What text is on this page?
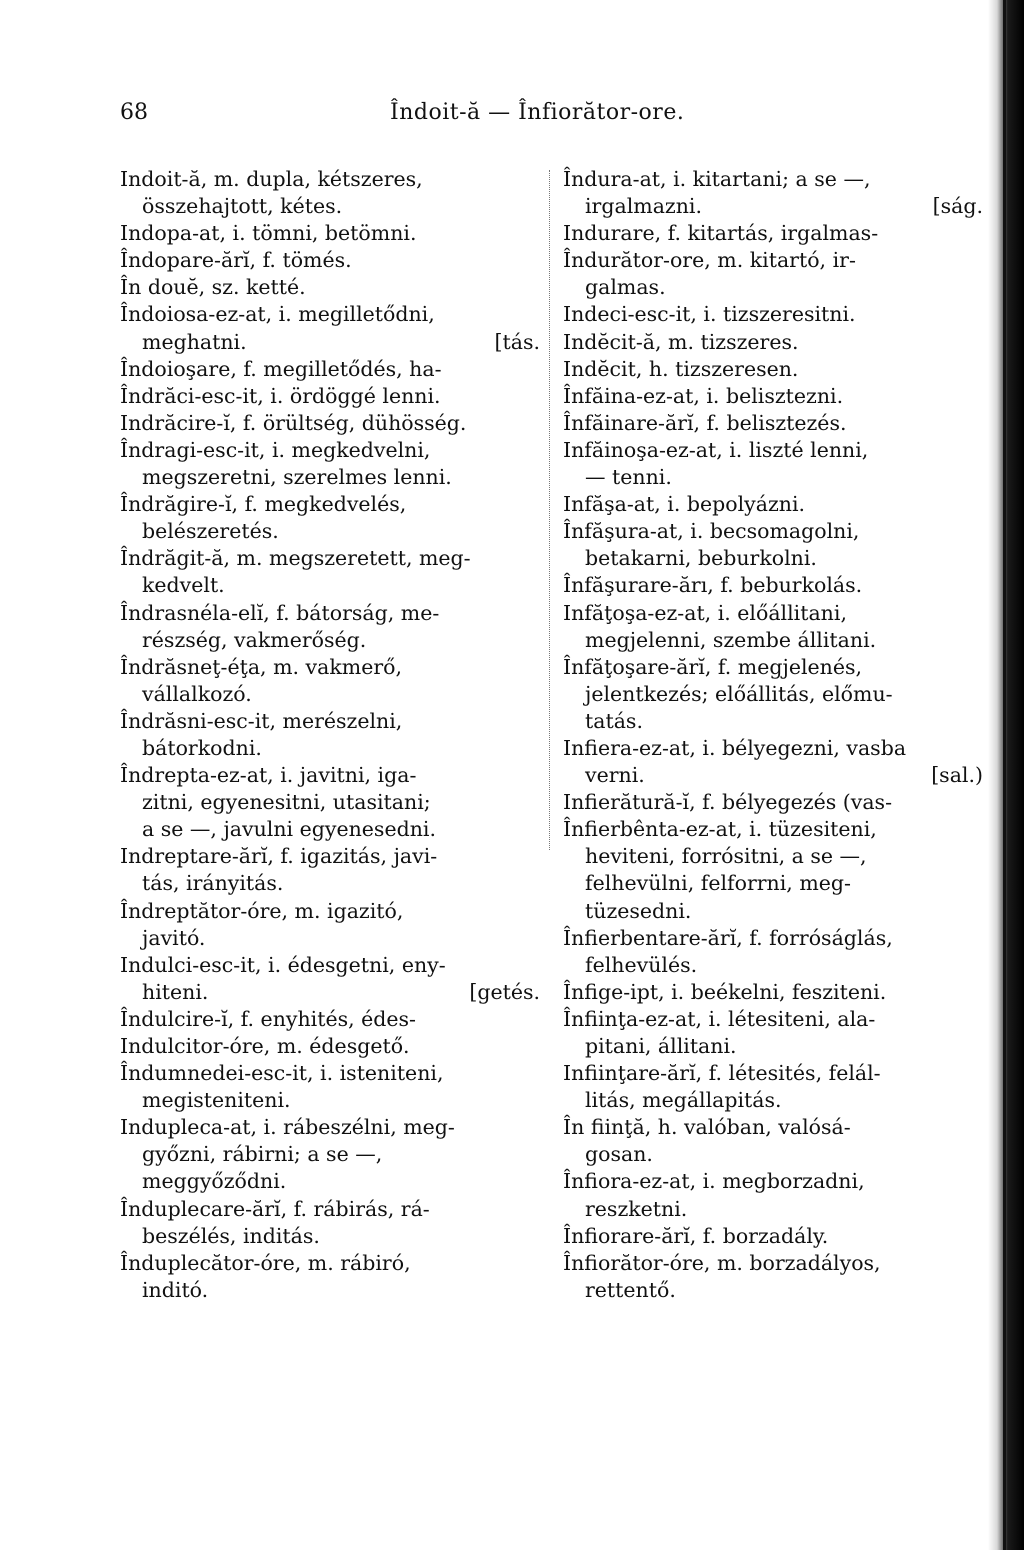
68	Îndoit-ă — Înfiorător-ore.
Indoit-ă, m. dupla, kétszeres,
összehajtott, kétes.
Indopa-at, i. tömni, betömni.
Îndopare-ărĭ, f. tömés.
În douĕ, sz. ketté.
Îndoiosa-ez-at, i. megilletődni,
meghatni.	[tás.
Îndoioşare, f. megilletődés, ha-
Îndrăci-esc-it, i. ördöggé lenni.
Indrăcire-ĭ, f. örültség, dühösség.
Îndragi-esc-it, i. megkedvelni,
megszeretni, szerelmes lenni.
Îndrăgire-ĭ, f. megkedvelés,
belészeretés.
Îndrăgit-ă, m. megszeretett, meg-
kedvelt.
Îndrasnéla-elĭ, f. bátorság, me-
részség, vakmerőség.
Îndrăsneţ-éţa, m. vakmerő,
vállalkozó.
Îndrăsni-esc-it, merészelni,
bátorkodni.
Îndrepta-ez-at, i. javitni, iga-
zitni, egyenesitni, utasitani;
a se —, javulni egyenesedni.
Indreptare-ărĭ, f. igazitás, javi-
tás, irányitás.
Îndreptător-óre, m. igazitó,
javitó.
Indulci-esc-it, i. édesgetni, eny-
hiteni.	[getés.
Îndulcire-ĭ, f. enyhités, édes-
Indulcitor-óre, m. édesgető.
Îndumnedei-esc-it, i. isteniteni,
megisteniteni.
Indupleca-at, i. rábeszélni, meg-
győzni, rábirni; a se —,
meggyőződni.
Înduplecare-ărĭ, f. rábirás, rá-
beszélés, inditás.
Înduplecător-óre, m. rábiró,
inditó.
Îndura-at, i. kitartani; a se —,
irgalmazni.	[ság.
Indurare, f. kitartás, irgalmas-
Îndurător-ore, m. kitartó, ir-
galmas.
Indeci-esc-it, i. tizszeresitni.
Indĕcit-ă, m. tizszeres.
Indĕcit, h. tizszeresen.
Înfăina-ez-at, i. belisztezni.
Înfăinare-ărĭ, f. belisztezés.
Infăinoşa-ez-at, i. liszté lenni,
— tenni.
Infăşa-at, i. bepolyázni.
Înfăşura-at, i. becsomagolni,
betakarni, beburkolni.
Înfăşurare-ărı, f. beburkolás.
Infăţoşa-ez-at, i. előállitani,
megjelenni, szembe állitani.
Înfăţoşare-ărĭ, f. megjelenés,
jelentkezés; előállitás, előmu-
tatás.
Infiera-ez-at, i. bélyegezni, vasba
verni.	[sal.)
Infierătură-ĭ, f. bélyegezés (vas-
Înfierbênta-ez-at, i. tüzesiteni,
heviteni, forrósitni, a se —,
felhevülni, felforrni, meg-
tüzesedni.
Înfierbentare-ărĭ, f. forróságlás,
felhevülés.
Înfige-ipt, i. beékelni, fesziteni.
Înfiinţa-ez-at, i. létesiteni, ala-
pitani, állitani.
Infiinţare-ărĭ, f. létesités, felál-
litás, megállapitás.
În fiinţă, h. valóban, valósá-
gosan.
Înfiora-ez-at, i. megborzadni,
reszketni.
Înfiorare-ărĭ, f. borzadály.
Înfiorător-óre, m. borzadályos,
rettentő.
